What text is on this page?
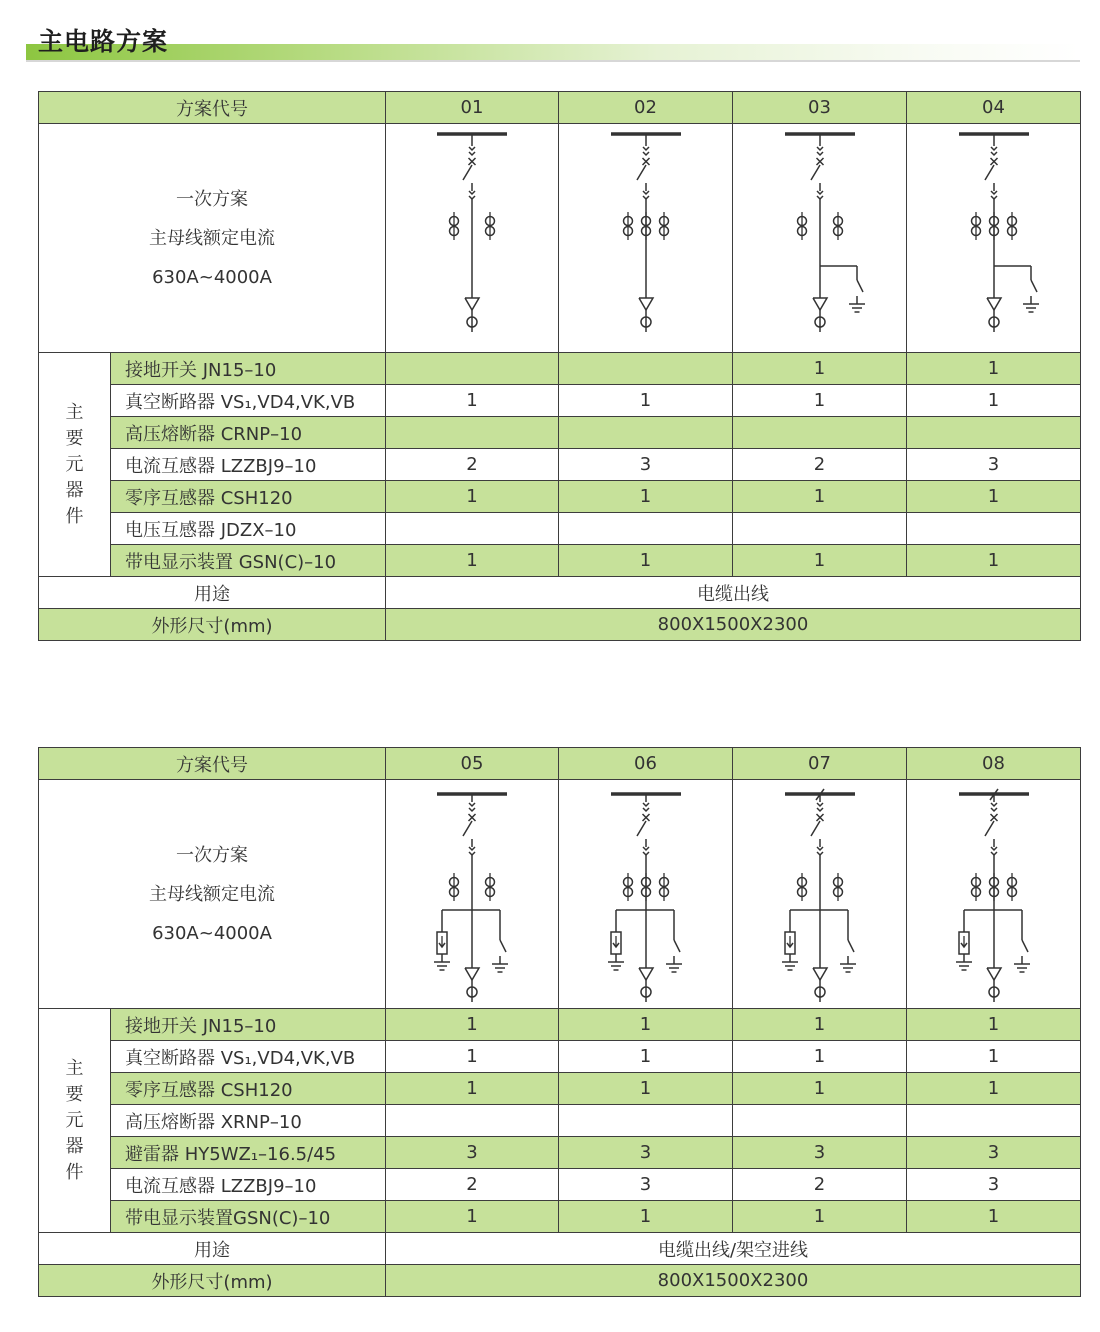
主电路方案
方案代号		01	02	03	04

一次方案
主母线额定电流
630A~4000A

主
要
元
器
件	接地开关 JN15–10			1	1
	真空断路器 VS₁,VD4,VK,VB	1	1	1	1
	高压熔断器 CRNP–10				
	电流互感器 LZZBJ9–10	2	3	2	3
	零序互感器 CSH120	1	1	1	1
	电压互感器 JDZX–10				
	带电显示装置 GSN(C)–10	1	1	1	1
用途		电缆出线			
外形尺寸(mm)		800X1500X2300			
方案代号		05	06	07	08

一次方案
主母线额定电流
630A~4000A

主
要
元
器
件	接地开关 JN15–10	1	1	1	1
	真空断路器 VS₁,VD4,VK,VB	1	1	1	1
	零序互感器 CSH120	1	1	1	1
	高压熔断器 XRNP–10				
	避雷器 HY5WZ₁–16.5/45	3	3	3	3
	电流互感器 LZZBJ9–10	2	3	2	3
	带电显示装置GSN(C)–10	1	1	1	1
用途		电缆出线/架空进线			
外形尺寸(mm)		800X1500X2300			
